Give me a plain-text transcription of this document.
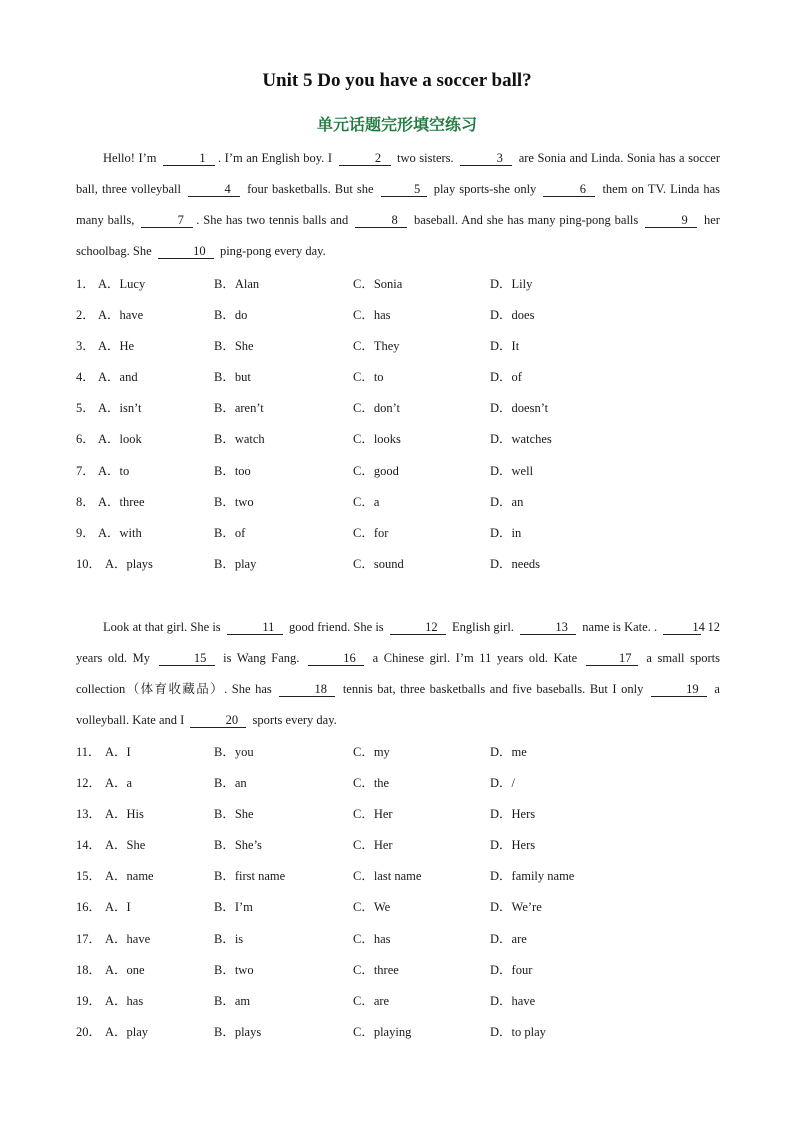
Unit 5 Do you have a soccer ball?
单元话题完形填空练习
Hello! I’m	1 . I’m an English boy. I	2 two sisters.	3 are Sonia and Linda. Sonia has a soccer ball, three volleyball	4 four basketballs. But she	5 play sports-she only	6 them on TV. Linda has many balls,	7 . She has two tennis balls and	8 baseball. And she has many ping-pong balls	9 her schoolbag. She	10 ping-pong every day.
1． A．Lucy	B．Alan	C．Sonia	D．Lily
2． A．have	B．do	C．has	D．does
3． A．He	B．She	C．They	D．It
4． A．and	B．but	C．to	D．of
5． A．isn’t	B．aren’t	C．don’t	D．doesn’t
6． A．look	B．watch	C．looks	D．watches
7． A．to	B．too	C．good	D．well
8． A．three	B．two	C．a	D．an
9． A．with	B．of	C．for	D．in
10． A．plays	B．play	C．sound	D．needs
Look at that girl. She is	11 good friend. She is	12 English girl.	13 name is Kate. .	14 12 years old. My	15 is Wang Fang.	16 a Chinese girl. I’m 11 years old. Kate	17 a small sports collection（体育收藏品）. She has	18 tennis bat, three basketballs and five baseballs. But I only	19 a volleyball. Kate and I	20 sports every day.
11． A．I	B．you	C．my	D．me
12． A．a	B．an	C．the	D．/
13． A．His	B．She	C．Her	D．Hers
14． A．She	B．She’s	C．Her	D．Hers
15． A．name	B．first name	C．last name	D．family name
16． A．I	B．I’m	C．We	D．We’re
17． A．have	B．is	C．has	D．are
18． A．one	B．two	C．three	D．four
19． A．has	B．am	C．are	D．have
20． A．play	B．plays	C．playing	D．to play
